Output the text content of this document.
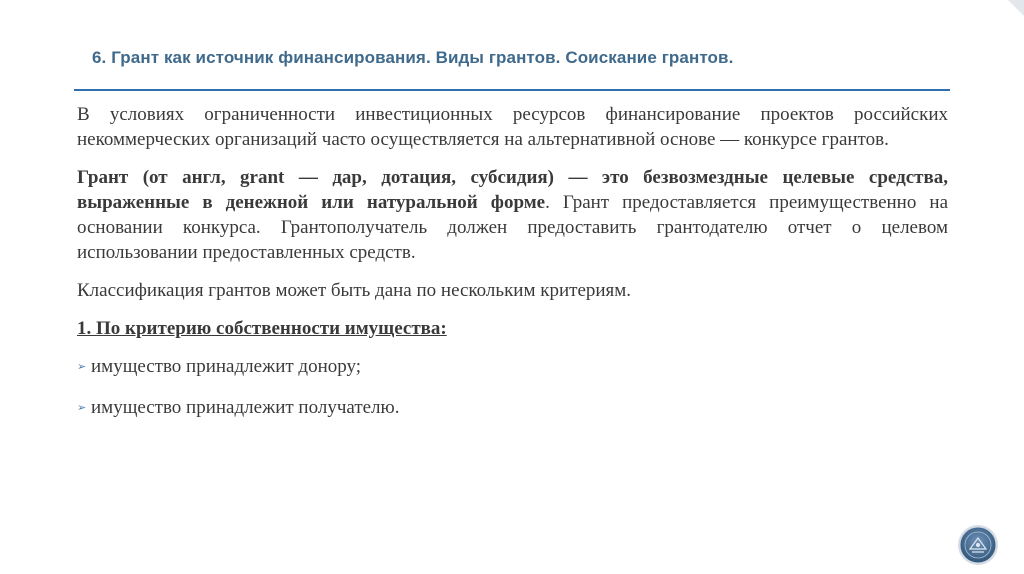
6. Грант как источник финансирования. Виды грантов. Соискание грантов.

В условиях ограниченности инвестиционных ресурсов финансирование проектов российских некоммерческих организаций часто осуществляется на альтернативной основе — конкурсе грантов.

Грант (от англ, grant — дар, дотация, субсидия) — это безвозмездные целевые средства, выраженные в денежной или натуральной форме. Грант предоставляется преимущественно на основании конкурса. Грантополучатель должен предоставить грантодателю отчет о целевом использовании предоставленных средств.

Классификация грантов может быть дана по нескольким критериям.

1. По критерию собственности имущества:

➢ имущество принадлежит донору;
➢ имущество принадлежит получателю.
